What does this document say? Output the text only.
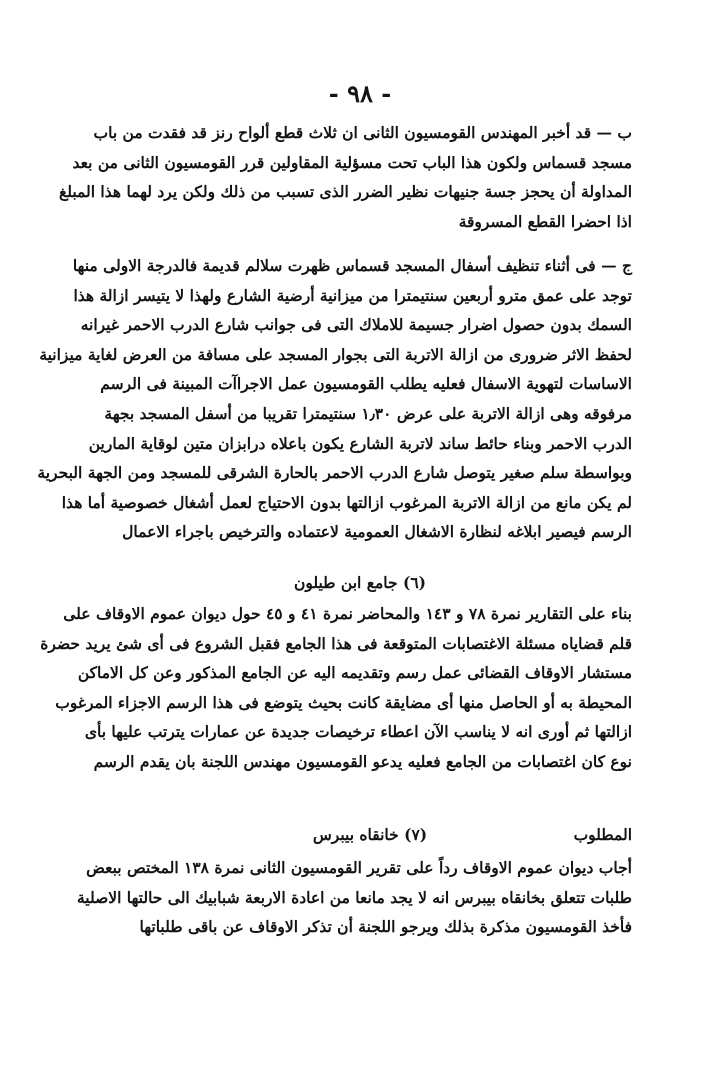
- ٩٨ -
ب — قد أخبر المهندس القومسيون الثانى ان ثلاث قطع ألواح رنز قد فقدت من باب
مسجد قسماس ولكون هذا الباب تحت مسؤلية المقاولين قرر القومسيون الثانى من بعد
المداولة أن يحجز جسة جنيهات نظير الضرر الذى تسبب من ذلك ولكن يرد لهما هذا المبلغ
اذا احضرا القطع المسروقة
ج — فى أثناء تنظيف أسفال المسجد قسماس ظهرت سلالم قديمة فالدرجة الاولى منها
توجد على عمق مترو أربعين سنتيمترا من ميزانية أرضية الشارع ولهذا لا يتيسر ازالة هذا
السمك بدون حصول اضرار جسيمة للاملاك التى فى جوانب شارع الدرب الاحمر غيرانه
لحفظ الاثر ضرورى من ازالة الاتربة التى بجوار المسجد على مسافة من العرض لغاية ميزانية
الاساسات لتهوية الاسفال فعليه يطلب القومسيون عمل الاجراآت المبينة فى الرسم
مرفوقه وهى ازالة الاتربة على عرض ١٫٣٠ سنتيمترا تقريبا من أسفل المسجد بجهة
الدرب الاحمر وبناء حائط ساند لاتربة الشارع يكون باعلاه درابزان متين لوقاية المارين
وبواسطة سلم صغير يتوصل شارع الدرب الاحمر بالحارة الشرقى للمسجد ومن الجهة البحرية
لم يكن مانع من ازالة الاتربة المرغوب ازالتها بدون الاحتياج لعمل أشغال خصوصية أما هذا
الرسم فيصير ابلاغه لنظارة الاشغال العمومية لاعتماده والترخيص باجراء الاعمال
(٦) جامع ابن طيلون
بناء على التقارير نمرة ٧٨ و ١٤٣ والمحاضر نمرة ٤١ و ٤٥ حول ديوان عموم الاوقاف على
قلم قضاياه مسئلة الاغتصابات المتوقعة فى هذا الجامع فقبل الشروع فى أى شئ يريد حضرة
مستشار الاوقاف القضائى عمل رسم وتقديمه اليه عن الجامع المذكور وعن كل الاماكن
المحيطة به أو الحاصل منها أى مضايقة كانت بحيث يتوضع فى هذا الرسم الاجزاء المرغوب
ازالتها ثم أورى انه لا يناسب الآن اعطاء ترخيصات جديدة عن عمارات يترتب عليها بأى
نوع كان اغتصابات من الجامع فعليه يدعو القومسيون مهندس اللجنة بان يقدم الرسم
المطلوب
(٧) خانقاه بيبرس
أجاب ديوان عموم الاوقاف رداً على تقرير القومسيون الثانى نمرة ١٣٨ المختص ببعض
طلبات تتعلق بخانقاه بيبرس انه لا يجد مانعا من اعادة الاربعة شبابيك الى حالتها الاصلية
فأخذ القومسيون مذكرة بذلك ويرجو اللجنة أن تذكر الاوقاف عن باقى طلباتها
